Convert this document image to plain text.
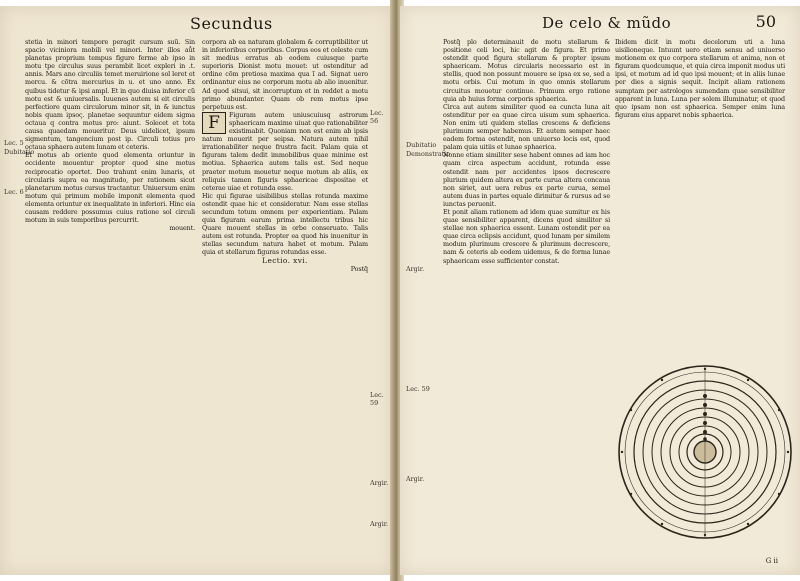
Secundus
Lec. 5
Dubitatio
Lec. 6
Lec. 56
Lec. 59
Argir.
Argir.

stetia in minori tempore peragit cursum suũ. Sin spacio viciniora mobili vel minori. Inter illos aůt planetas proprium tempus figure ferme ab ipso in motu tpe circulus suus perambit licet expleri in .t. annis. Mars ano circuliis temet meruirione sol leret et mercu. & cõtra mercurius in u. et uno anno. Ex quibus tidetur & ipsi ampl. Et in quo diuisa inferior cũ motu est & uniuersalis. Iuuenes autem si eit circulis perfectiore quam circulorum minor sit, in & iunctus nobis quam ipsoς. planetae sequuntur eidem sigma octaua q contra motus pro: aiunt. Solecet et tota causa quaedam moueritur. Deus uidelicet, ipsum sigmentum, tangencium post ip. Circuli totius pro octaua sphaera autem lunam et ceteris.

Et motus ab oriente quod elementa oriuntur in occidente mouentur propter quod sine motus reciprocatio oportet. Deo trahunt enim lunaris, et circularis supra ea magnitudo, per rationem sicut planetarum motus cursus tractantur. Uniuersum enim motum qui primum mobile imponit elementa quod elementa oriuntur ex inequalitate in inferiori. Hinc eia causam reddere possumus cuius ratione sol circuli motum in suis temporibus percurrit.

mouent.

corpora ab ea naturam globalem & corruptibiliter ut in inferioribus corporibus. Corpus eos et celeste cum sit medius erratus ab eodem cuiusque parte superioris Dionist motu mouet: ut ostenditur ad ordine cõm pretiosa maxima qua ĩ ad. Signat uero ordinantur eius ne corporum motu ab alio inuenitur. Ad quod sitsui, sit incorruptum et in reddet a motu primo abundanter. Quam ob rem motus ipse perpetuus est.

F	Figuram autem uniuscuiusq astrorum sphaericam maxime uiuat quo rationabiliter existimabit. Quoniam non est enim ab ipsis natum mouerit per seipsa. Natura autem nihil irrationabiliter neque frustra facit. Palam quia et figuram talem dedit immobilibus quae minime est motiua. Sphaerica autem talis est. Sed neque praeter motum mouetur neque motum ab aliis, ex reliquis tamen figuris sphaericae dispositae et ceterae uiae et rotunda esse.

Hic qui figurae uisibilibus stellas rotunda maxime ostendit quae hic et consideratur. Nam esse stellas secundum totum omnem per experientiam. Palam quia figuram earum prima intellectu tribus hic Quare mouent stellas in orbe conseruato. Talis autem est rotunda. Propter ea quod his inuenitur in stellas secundum natura habet et motum. Palam quia et stellarum figuras rotundas esse.

Lectio. xvi.

Postq̃

De celo & mũdo	50
Dubitatio
Demonstratio
Argir.
Lec. 59
Argir.

Postq̃ plo determinauit de motu stellarum & positione celi loci, hic agit de figura. Et primo ostendit quod figura stellarum & propter ipsum sphaericam. Motus circularis necessario est in stellis, quod non possunt mouere se ipsa ex se, sed a motu orbis. Cui motum in quo omnis stellarum circuitus mouetur continue. Primum ergo ratione quia ab huius forma corporis sphaerica.

Circa aut autem similiter quod ea cuncta luna ait ostenditur per ea quae circa uisum sum sphaerica. Non enim uti quidem stellas crescens & deficiens plurimum semper habemus. Et autem semper haec eadem forma ostendit, non uniuerso locis est, quod palam quia uitiis et lunae sphaerica.

Nonne etiam similiter sese habent omnes ad iam hoc quam circa aspectum accidunt, rotunda esse ostendit nam per accidentes ipsos decrescere plurium quidem altera ex parte curua altera concaua non siriet, aut uera rebus ex parte curua, semel autem duas in partes equale dirimitur & rursus ad se iunctas peruenit.

Et ponit aliam rationem ad idem quae sumitur ex his quae sensibiliter apparent, dicens quod similiter si stellae non sphaerica essent. Lunam ostendit per ea quae circa eclipsis accidunt, quod lunam per similem modum plurimum crescere & plurimum decrescere, nam & ceteris ab eodem uidemus, & de forma lunae sphaericam esse sufficienter constat.

Ibidem dicit in motu decelorum uti a luna uisilioneque. Intuunt uero etiam sensu ad uniuerso motionem ex quo corpora stellarum et anima, non et figuram quodcumque, et quia circa imponit modus uti ipsi, et motum ad id quo ipsi mouent; et in aliis lunae per dies a signis sequit. Incipit aliam rationem sumptam per astrologos sumendam quae sensibiliter apparent in luna. Luna per solem illuminatur, et quod quo ipsam non est sphaerica. Semper enim luna figuram eius apparet nobis sphaerica.

G ii
